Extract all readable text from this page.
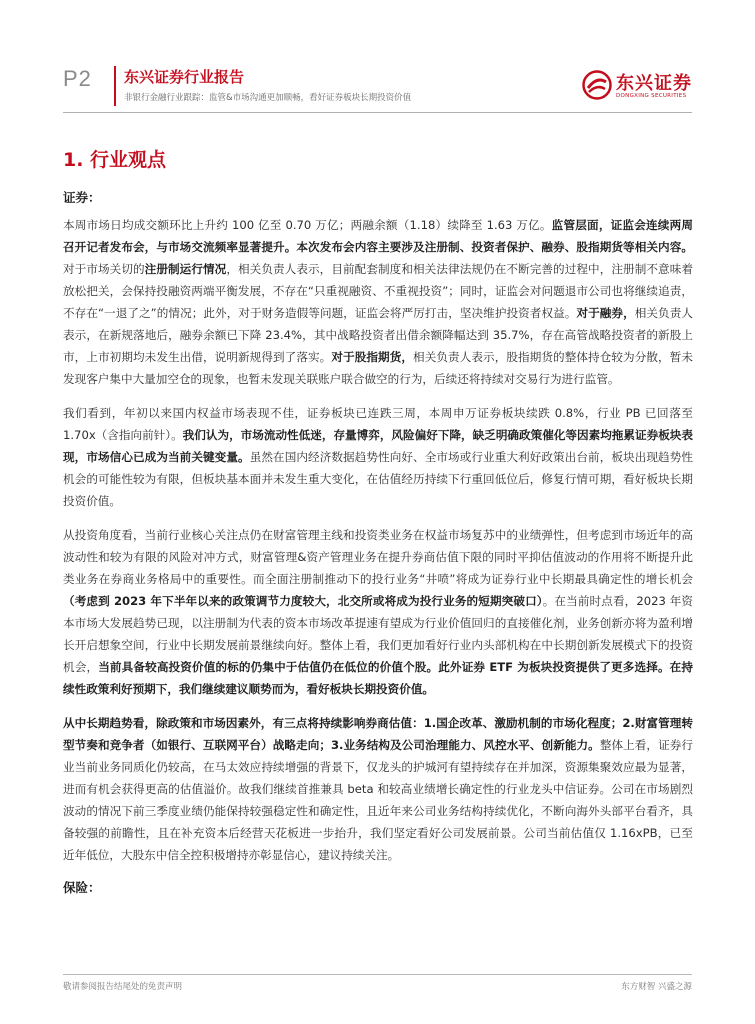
P2 东兴证券行业报告
非银行金融行业跟踪：监管&市场沟通更加顺畅，看好证券板块长期投资价值
东兴证券
DONGXING SECURITIES
1. 行业观点

证券：

本周市场日均成交额环比上升约 100 亿至 0.70 万亿；两融余额（1.18）续降至 1.63 万亿。监管层面，证监会连续两周召开记者发布会，与市场交流频率显著提升。本次发布会内容主要涉及注册制、投资者保护、融券、股指期货等相关内容。对于市场关切的注册制运行情况，相关负责人表示，目前配套制度和相关法律法规仍在不断完善的过程中，注册制不意味着放松把关，会保持投融资两端平衡发展，不存在“只重视融资、不重视投资”；同时，证监会对问题退市公司也将继续追责，不存在“一退了之”的情况；此外，对于财务造假等问题，证监会将严厉打击，坚决维护投资者权益。对于融券，相关负责人表示，在新规落地后，融券余额已下降 23.4%，其中战略投资者出借余额降幅达到 35.7%，存在高管战略投资者的新股上市，上市初期均未发生出借，说明新规得到了落实。对于股指期货，相关负责人表示，股指期货的整体持仓较为分散，暂未发现客户集中大量加空仓的现象，也暂未发现关联账户联合做空的行为，后续还将持续对交易行为进行监管。

我们看到，年初以来国内权益市场表现不佳，证券板块已连跌三周，本周申万证券板块续跌 0.8%，行业 PB 已回落至 1.70x（含指向前针）。我们认为，市场流动性低迷，存量博弈，风险偏好下降，缺乏明确政策催化等因素均拖累证券板块表现，市场信心已成为当前关键变量。虽然在国内经济数据趋势性向好、全市场或行业重大利好政策出台前，板块出现趋势性机会的可能性较为有限，但板块基本面并未发生重大变化，在估值经历持续下行重回低位后，修复行情可期，看好板块长期投资价值。

从投资角度看，当前行业核心关注点仍在财富管理主线和投资类业务在权益市场复苏中的业绩弹性，但考虑到市场近年的高波动性和较为有限的风险对冲方式，财富管理&资产管理业务在提升券商估值下限的同时平抑估值波动的作用将不断提升此类业务在券商业务格局中的重要性。而全面注册制推动下的投行业务“井喷”将成为证券行业中长期最具确定性的增长机会（考虑到 2023 年下半年以来的政策调节力度较大，北交所或将成为投行业务的短期突破口）。在当前时点看，2023 年资本市场大发展趋势已现，以注册制为代表的资本市场改革提速有望成为行业价值回归的直接催化剂，业务创新亦将为盈利增长开启想象空间，行业中长期发展前景继续向好。整体上看，我们更加看好行业内头部机构在中长期创新发展模式下的投资机会，当前具备较高投资价值的标的仍集中于估值仍在低位的价值个股。此外证券 ETF 为板块投资提供了更多选择。在持续性政策利好预期下，我们继续建议顺势而为，看好板块长期投资价值。

从中长期趋势看，除政策和市场因素外，有三点将持续影响券商估值：1.国企改革、激励机制的市场化程度；2.财富管理转型节奏和竞争者（如银行、互联网平台）战略走向；3.业务结构及公司治理能力、风控水平、创新能力。整体上看，证券行业当前业务同质化仍较高，在马太效应持续增强的背景下，仅龙头的护城河有望持续存在并加深，资源集聚效应最为显著，进而有机会获得更高的估值溢价。故我们继续首推兼具 beta 和较高业绩增长确定性的行业龙头中信证券。公司在市场剧烈波动的情况下前三季度业绩仍能保持较强稳定性和确定性，且近年来公司业务结构持续优化，不断向海外头部平台看齐，具备较强的前瞻性，且在补充资本后经营天花板进一步抬升，我们坚定看好公司发展前景。公司当前估值仅 1.16xPB，已至近年低位，大股东中信全控积极增持亦彰显信心，建议持续关注。

保险：

敬请参阅报告结尾处的免责声明	东方财智 兴盛之源
